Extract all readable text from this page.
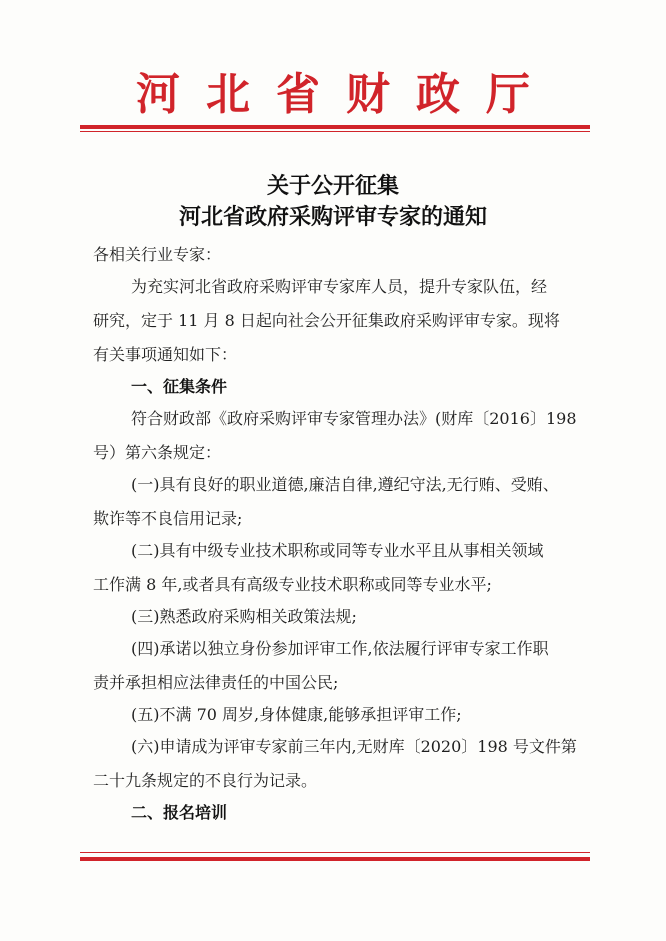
河北省财政厅
关于公开征集
河北省政府采购评审专家的通知
各相关行业专家：
为充实河北省政府采购评审专家库人员，提升专家队伍，经
研究，定于 11 月 8 日起向社会公开征集政府采购评审专家。现将
有关事项通知如下：
一、征集条件
符合财政部《政府采购评审专家管理办法》(财库〔2016〕198
号）第六条规定：
(一)具有良好的职业道德,廉洁自律,遵纪守法,无行贿、受贿、
欺诈等不良信用记录;
(二)具有中级专业技术职称或同等专业水平且从事相关领域
工作满 8 年,或者具有高级专业技术职称或同等专业水平;
(三)熟悉政府采购相关政策法规;
(四)承诺以独立身份参加评审工作,依法履行评审专家工作职
责并承担相应法律责任的中国公民;
(五)不满 70 周岁,身体健康,能够承担评审工作;
(六)申请成为评审专家前三年内,无财库〔2020〕198 号文件第
二十九条规定的不良行为记录。
二、报名培训
